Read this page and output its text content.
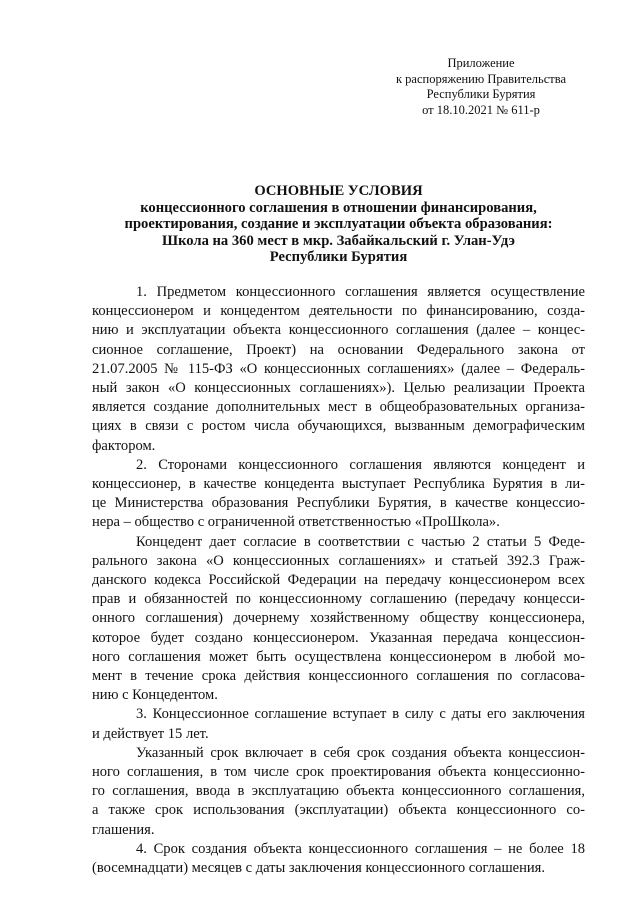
Приложение
к распоряжению Правительства
Республики Бурятия
от 18.10.2021 № 611-р
ОСНОВНЫЕ УСЛОВИЯ
концессионного соглашения в отношении финансирования,
проектирования, создание и эксплуатации объекта образования:
Школа на 360 мест в мкр. Забайкальский г. Улан-Удэ
Республики Бурятия
1. Предметом концессионного соглашения является осуществление
концессионером и концедентом деятельности по финансированию, созда-
нию и эксплуатации объекта концессионного соглашения (далее – концес-
сионное соглашение, Проект) на основании Федерального закона от
21.07.2005 № 115-ФЗ «О концессионных соглашениях» (далее – Федераль-
ный закон «О концессионных соглашениях»). Целью реализации Проекта
является создание дополнительных мест в общеобразовательных организа-
циях в связи с ростом числа обучающихся, вызванным демографическим
фактором.
2. Сторонами концессионного соглашения являются концедент и
концессионер, в качестве концедента выступает Республика Бурятия в ли-
це Министерства образования Республики Бурятия, в качестве концессио-
нера – общество с ограниченной ответственностью «ПроШкола».
Концедент дает согласие в соответствии с частью 2 статьи 5 Феде-
рального закона «О концессионных соглашениях» и статьей 392.3 Граж-
данского кодекса Российской Федерации на передачу концессионером всех
прав и обязанностей по концессионному соглашению (передачу концесси-
онного соглашения) дочернему хозяйственному обществу концессионера,
которое будет создано концессионером. Указанная передача концессион-
ного соглашения может быть осуществлена концессионером в любой мо-
мент в течение срока действия концессионного соглашения по согласова-
нию с Концедентом.
3. Концессионное соглашение вступает в силу с даты его заключения
и действует 15 лет.
Указанный срок включает в себя срок создания объекта концессион-
ного соглашения, в том числе срок проектирования объекта концессионно-
го соглашения, ввода в эксплуатацию объекта концессионного соглашения,
а также срок использования (эксплуатации) объекта концессионного со-
глашения.
4. Срок создания объекта концессионного соглашения – не более 18
(восемнадцати) месяцев с даты заключения концессионного соглашения.
